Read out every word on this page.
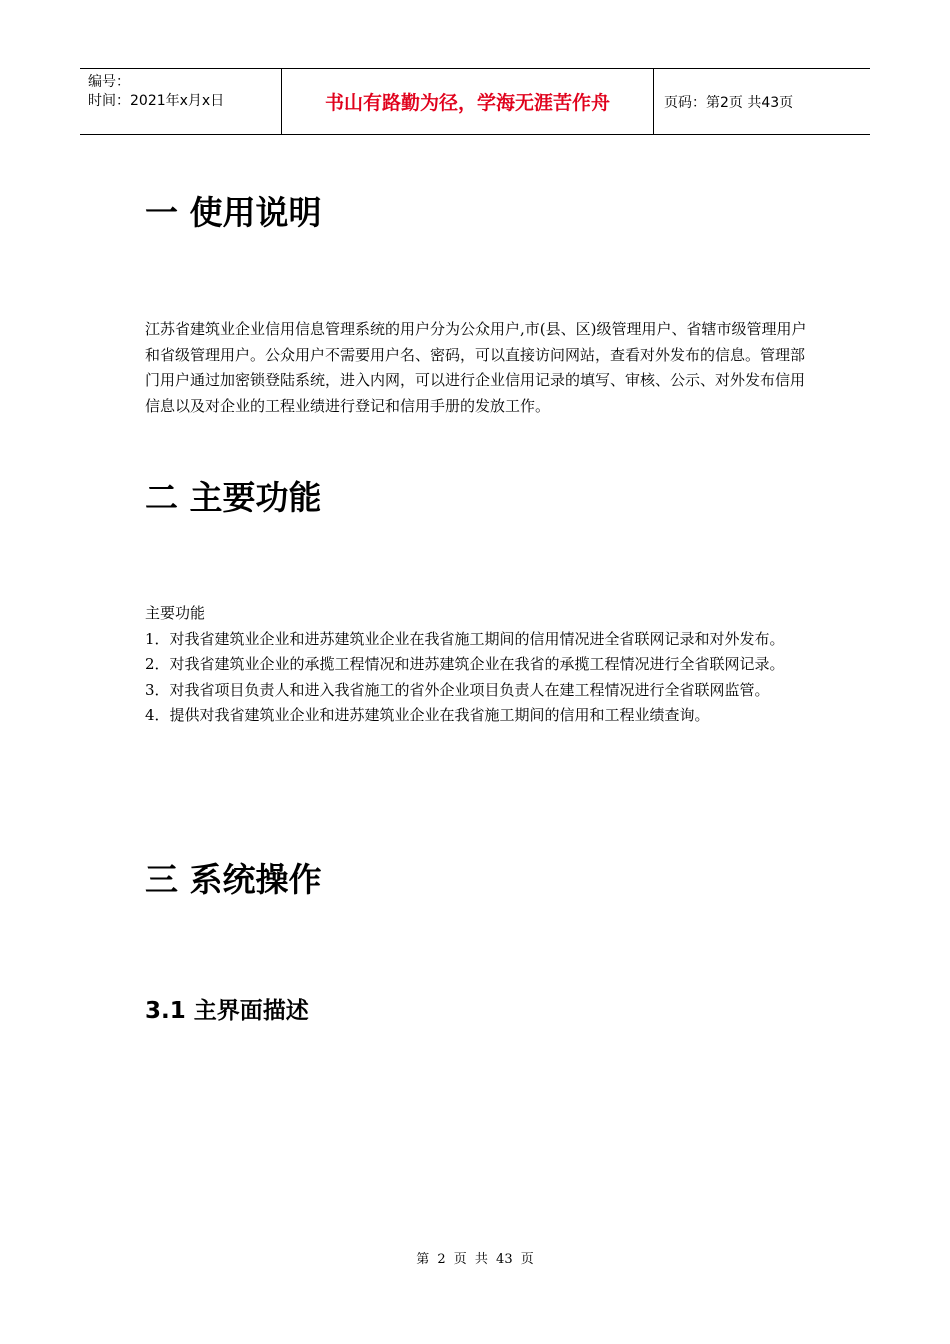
编号：
时间：2021年x月x日	书山有路勤为径，学海无涯苦作舟	页码：第2页 共43页
一 使用说明

江苏省建筑业企业信用信息管理系统的用户分为公众用户,市(县、区)级管理用户、省辖市级管理用户和省级管理用户。公众用户不需要用户名、密码，可以直接访问网站，查看对外发布的信息。管理部门用户通过加密锁登陆系统，进入内网，可以进行企业信用记录的填写、审核、公示、对外发布信用信息以及对企业的工程业绩进行登记和信用手册的发放工作。

二 主要功能
主要功能
1．对我省建筑业企业和进苏建筑业企业在我省施工期间的信用情况进全省联网记录和对外发布。
2．对我省建筑业企业的承揽工程情况和进苏建筑企业在我省的承揽工程情况进行全省联网记录。
3．对我省项目负责人和进入我省施工的省外企业项目负责人在建工程情况进行全省联网监管。
4．提供对我省建筑业企业和进苏建筑业企业在我省施工期间的信用和工程业绩查询。
三 系统操作
3.1 主界面描述
第 2 页 共 43 页
